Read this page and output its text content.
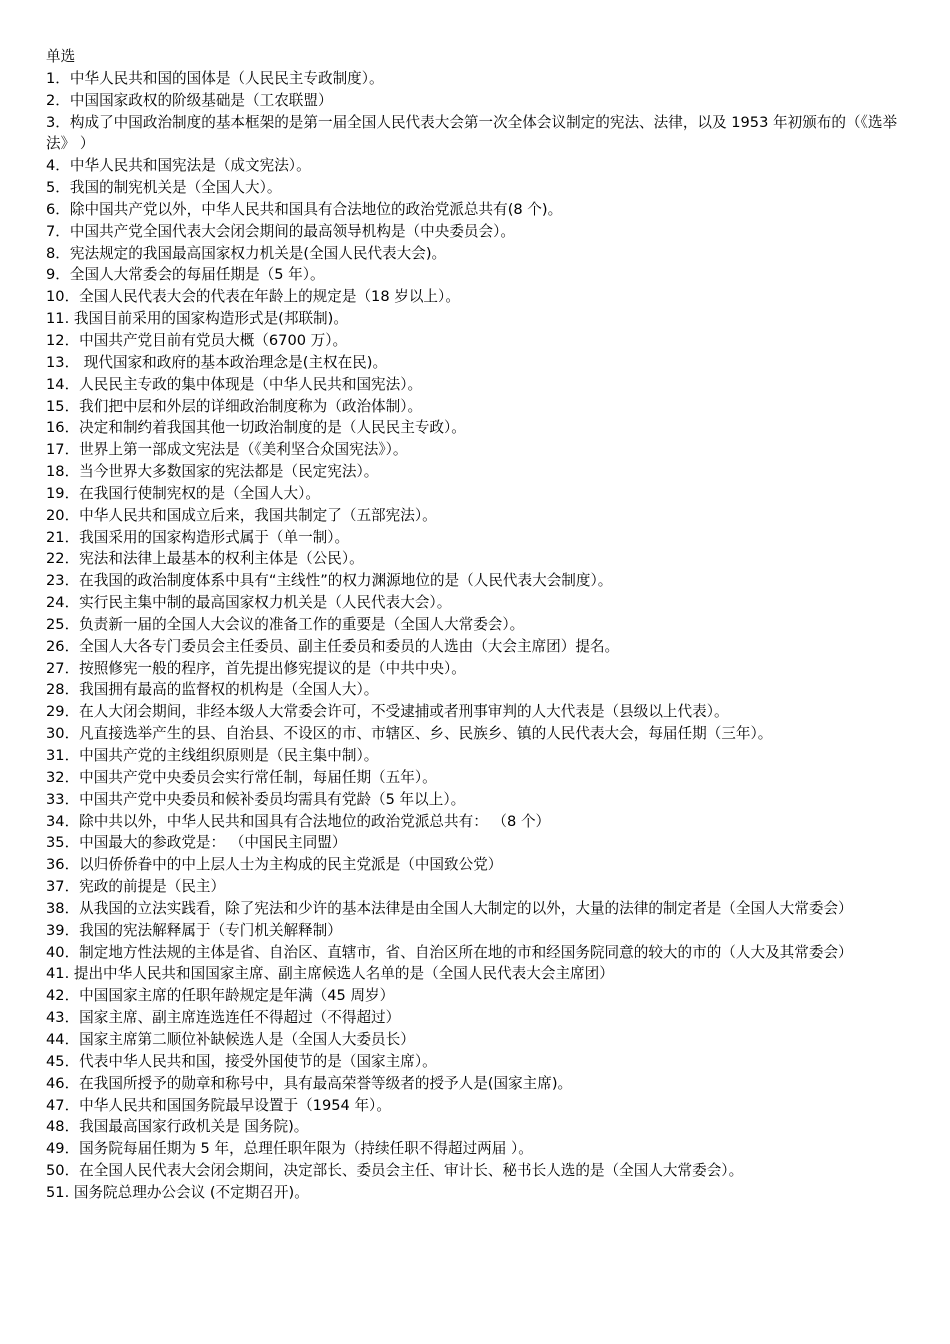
单选

1．中华人民共和国的国体是（人民民主专政制度）。

2．中国国家政权的阶级基础是（工农联盟）

3．构成了中国政治制度的基本框架的是第一届全国人民代表大会第一次全体会议制定的宪法、法律，以及 1953 年初颁布的（《选举法》 ）

4．中华人民共和国宪法是（成文宪法）。

5．我国的制宪机关是（全国人大）。

6．除中国共产党以外，中华人民共和国具有合法地位的政治党派总共有(8 个)。

7．中国共产党全国代表大会闭会期间的最高领导机构是（中央委员会）。

8．宪法规定的我国最高国家权力机关是(全国人民代表大会)。

9．全国人大常委会的每届任期是（5 年）。

10．全国人民代表大会的代表在年龄上的规定是（18 岁以上）。

11. 我国目前采用的国家构造形式是(邦联制)。

12．中国共产党目前有党员大概（6700 万）。

13． 现代国家和政府的基本政治理念是(主权在民)。

14．人民民主专政的集中体现是（中华人民共和国宪法）。

15．我们把中层和外层的详细政治制度称为（政治体制）。

16．决定和制约着我国其他一切政治制度的是（人民民主专政）。

17．世界上第一部成文宪法是（《美利坚合众国宪法》）。

18．当今世界大多数国家的宪法都是（民定宪法）。

19．在我国行使制宪权的是（全国人大）。

20．中华人民共和国成立后来，我国共制定了（五部宪法）。

21．我国采用的国家构造形式属于（单一制）。

22．宪法和法律上最基本的权利主体是（公民）。

23．在我国的政治制度体系中具有“主线性”的权力渊源地位的是（人民代表大会制度）。

24．实行民主集中制的最高国家权力机关是（人民代表大会）。

25．负责新一届的全国人大会议的准备工作的重要是（全国人大常委会）。

26．全国人大各专门委员会主任委员、副主任委员和委员的人选由（大会主席团）提名。

27．按照修宪一般的程序，首先提出修宪提议的是（中共中央）。

28．我国拥有最高的监督权的机构是（全国人大）。

29．在人大闭会期间，非经本级人大常委会许可，不受逮捕或者刑事审判的人大代表是（县级以上代表）。

30．凡直接选举产生的县、自治县、不设区的市、市辖区、乡、民族乡、镇的人民代表大会，每届任期（三年）。

31．中国共产党的主线组织原则是（民主集中制）。

32．中国共产党中央委员会实行常任制，每届任期（五年）。

33．中国共产党中央委员和候补委员均需具有党龄（5 年以上）。

34．除中共以外，中华人民共和国具有合法地位的政治党派总共有： （8 个）

35．中国最大的参政党是： （中国民主同盟）

36．以归侨侨眷中的中上层人士为主构成的民主党派是（中国致公党）

37．宪政的前提是（民主）

38．从我国的立法实践看，除了宪法和少许的基本法律是由全国人大制定的以外，大量的法律的制定者是（全国人大常委会）

39．我国的宪法解释属于（专门机关解释制）

40．制定地方性法规的主体是省、自治区、直辖市，省、自治区所在地的市和经国务院同意的较大的市的（人大及其常委会）

41. 提出中华人民共和国国家主席、副主席候选人名单的是（全国人民代表大会主席团）

42．中国国家主席的任职年龄规定是年满（45 周岁）

43．国家主席、副主席连选连任不得超过（不得超过）

44．国家主席第二顺位补缺候选人是（全国人大委员长）

45．代表中华人民共和国，接受外国使节的是（国家主席）。

46．在我国所授予的勋章和称号中，具有最高荣誉等级者的授予人是(国家主席)。

47．中华人民共和国国务院最早设置于（1954 年）。

48．我国最高国家行政机关是 国务院)。

49．国务院每届任期为 5 年，总理任职年限为（持续任职不得超过两届 ）。

50．在全国人民代表大会闭会期间，决定部长、委员会主任、审计长、秘书长人选的是（全国人大常委会）。

51. 国务院总理办公会议 (不定期召开)。
